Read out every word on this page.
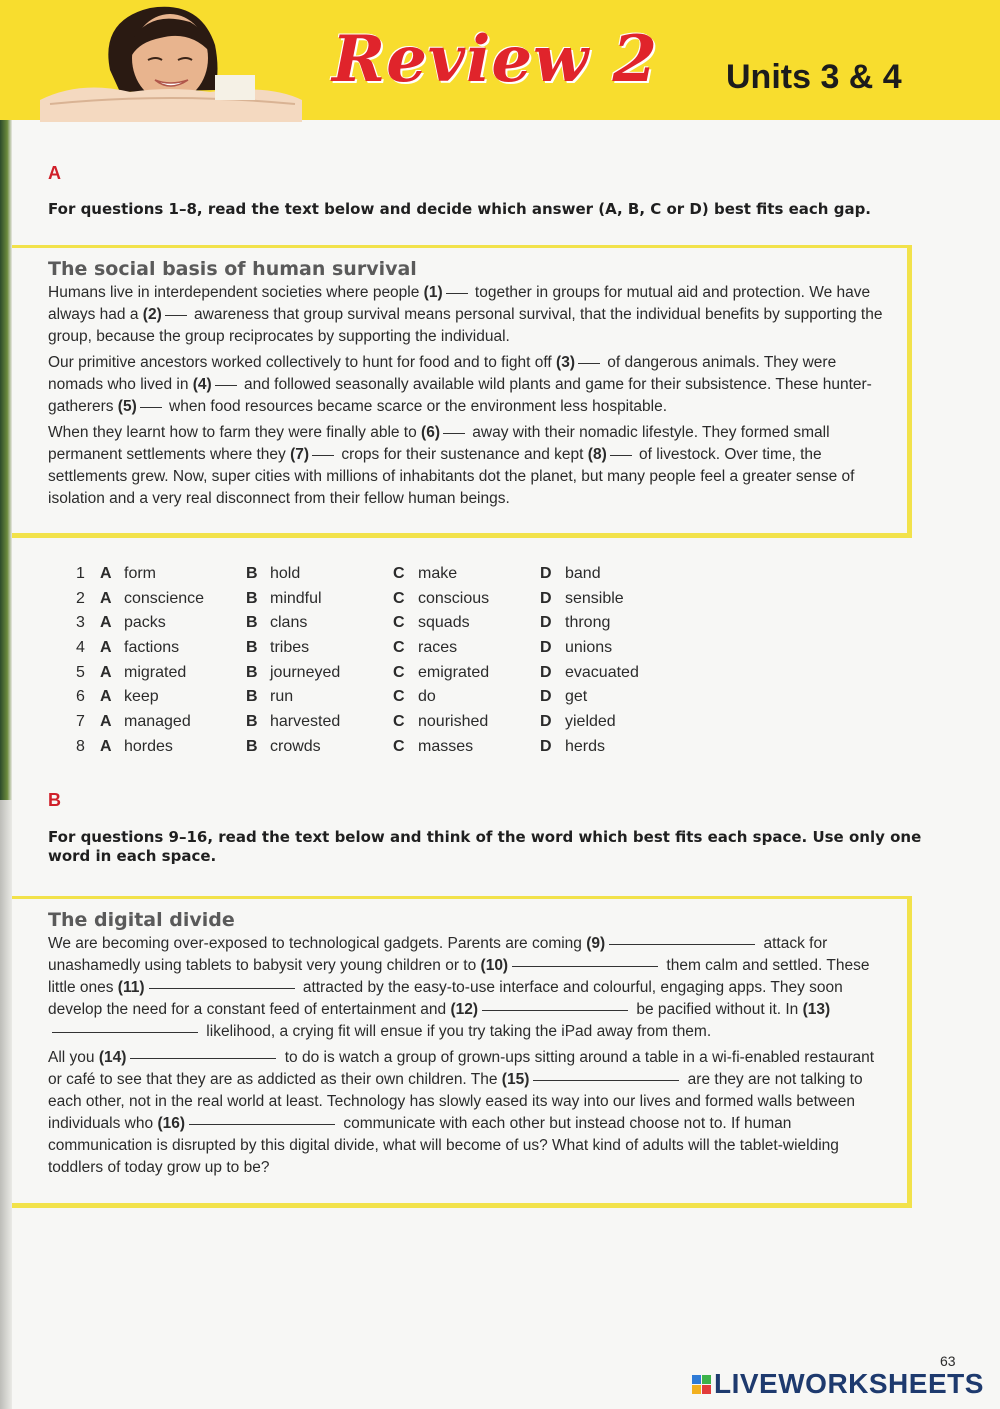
Review 2 Units 3 & 4
A
For questions 1–8, read the text below and decide which answer (A, B, C or D) best fits each gap.
The social basis of human survival

Humans live in interdependent societies where people (1) together in groups for mutual aid and protection. We have always had a (2) awareness that group survival means personal survival, that the individual benefits by supporting the group, because the group reciprocates by supporting the individual.

Our primitive ancestors worked collectively to hunt for food and to fight off (3) of dangerous animals. They were nomads who lived in (4) and followed seasonally available wild plants and game for their subsistence. These hunter-gatherers (5) when food resources became scarce or the environment less hospitable.

When they learnt how to farm they were finally able to (6) away with their nomadic lifestyle. They formed small permanent settlements where they (7) crops for their sustenance and kept (8) of livestock. Over time, the settlements grew. Now, super cities with millions of inhabitants dot the planet, but many people feel a greater sense of isolation and a very real disconnect from their fellow human beings.

1 A form	B hold	C make	D band
2 A conscience	B mindful	C conscious	D sensible
3 A packs	B clans	C squads	D throng
4 A factions	B tribes	C races	D unions
5 A migrated	B journeyed	C emigrated	D evacuated
6 A keep	B run	C do	D get
7 A managed	B harvested	C nourished	D yielded
8 A hordes	B crowds	C masses	D herds
B
For questions 9–16, read the text below and think of the word which best fits each space. Use only one word in each space.
The digital divide

We are becoming over-exposed to technological gadgets. Parents are coming (9)	attack for unashamedly using tablets to babysit very young children or to (10)	them calm and settled. These little ones (11)	attracted by the easy-to-use interface and colourful, engaging apps. They soon develop the need for a constant feed of entertainment and (12)	be pacified without it. In (13) likelihood, a crying fit will ensue if you try taking the iPad away from them.

All you (14)	to do is watch a group of grown-ups sitting around a table in a wi-fi-enabled restaurant or café to see that they are as addicted as their own children. The (15)	are they are not talking to each other, not in the real world at least. Technology has slowly eased its way into our lives and formed walls between individuals who (16)	communicate with each other but instead choose not to. If human communication is disrupted by this digital divide, what will become of us? What kind of adults will the tablet-wielding toddlers of today grow up to be?

63
LIVEWORKSHEETS
